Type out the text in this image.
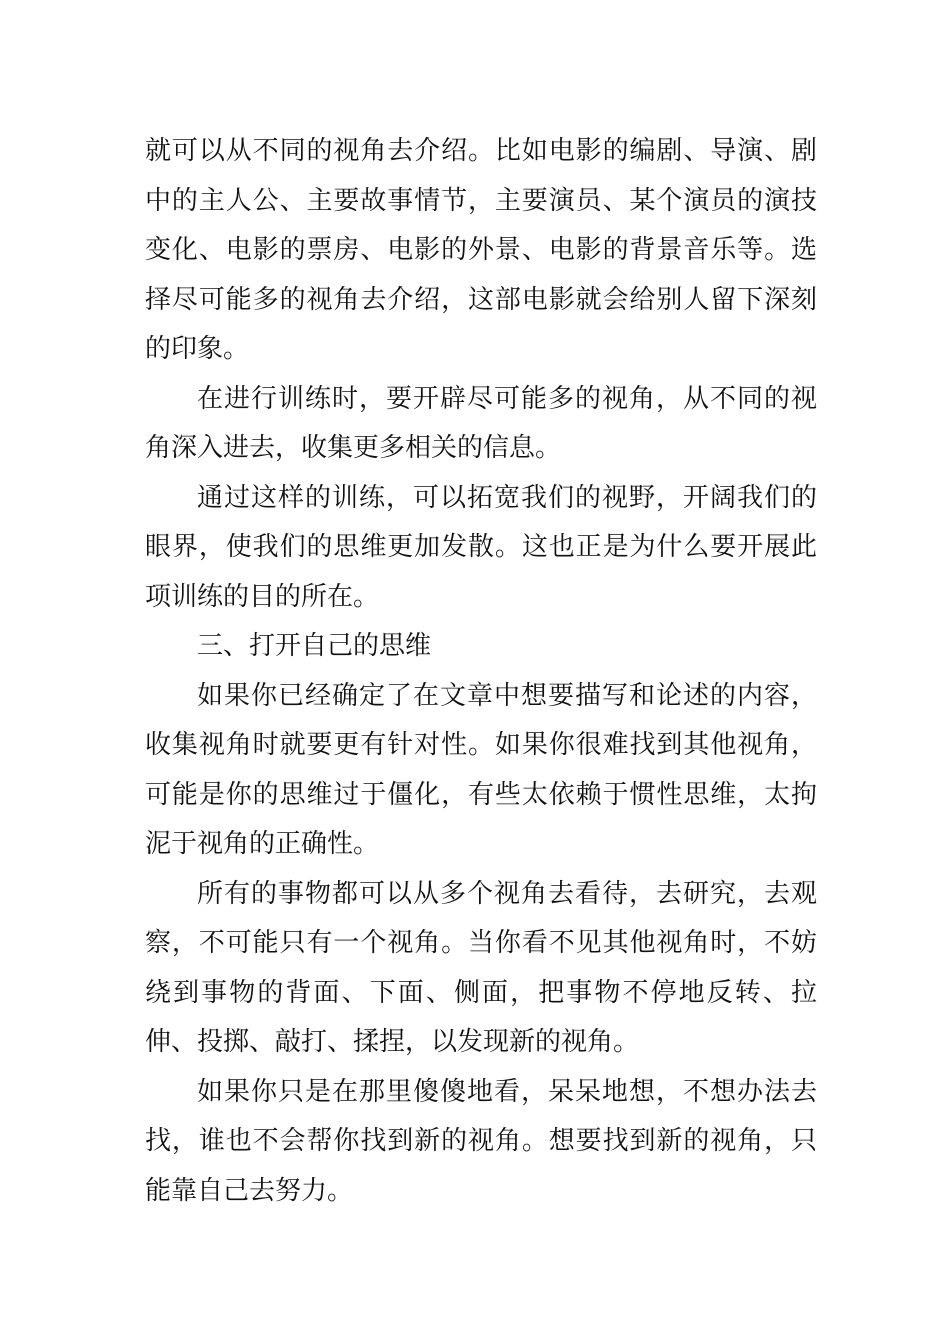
就可以从不同的视角去介绍。比如电影的编剧、导演、剧中的主人公、主要故事情节，主要演员、某个演员的演技变化、电影的票房、电影的外景、电影的背景音乐等。选择尽可能多的视角去介绍，这部电影就会给别人留下深刻的印象。

在进行训练时，要开辟尽可能多的视角，从不同的视角深入进去，收集更多相关的信息。

通过这样的训练，可以拓宽我们的视野，开阔我们的眼界，使我们的思维更加发散。这也正是为什么要开展此项训练的目的所在。

三、打开自己的思维

如果你已经确定了在文章中想要描写和论述的内容，收集视角时就要更有针对性。如果你很难找到其他视角，可能是你的思维过于僵化，有些太依赖于惯性思维，太拘泥于视角的正确性。

所有的事物都可以从多个视角去看待，去研究，去观察，不可能只有一个视角。当你看不见其他视角时，不妨绕到事物的背面、下面、侧面，把事物不停地反转、拉伸、投掷、敲打、揉捏，以发现新的视角。

如果你只是在那里傻傻地看，呆呆地想，不想办法去找，谁也不会帮你找到新的视角。想要找到新的视角，只能靠自己去努力。
